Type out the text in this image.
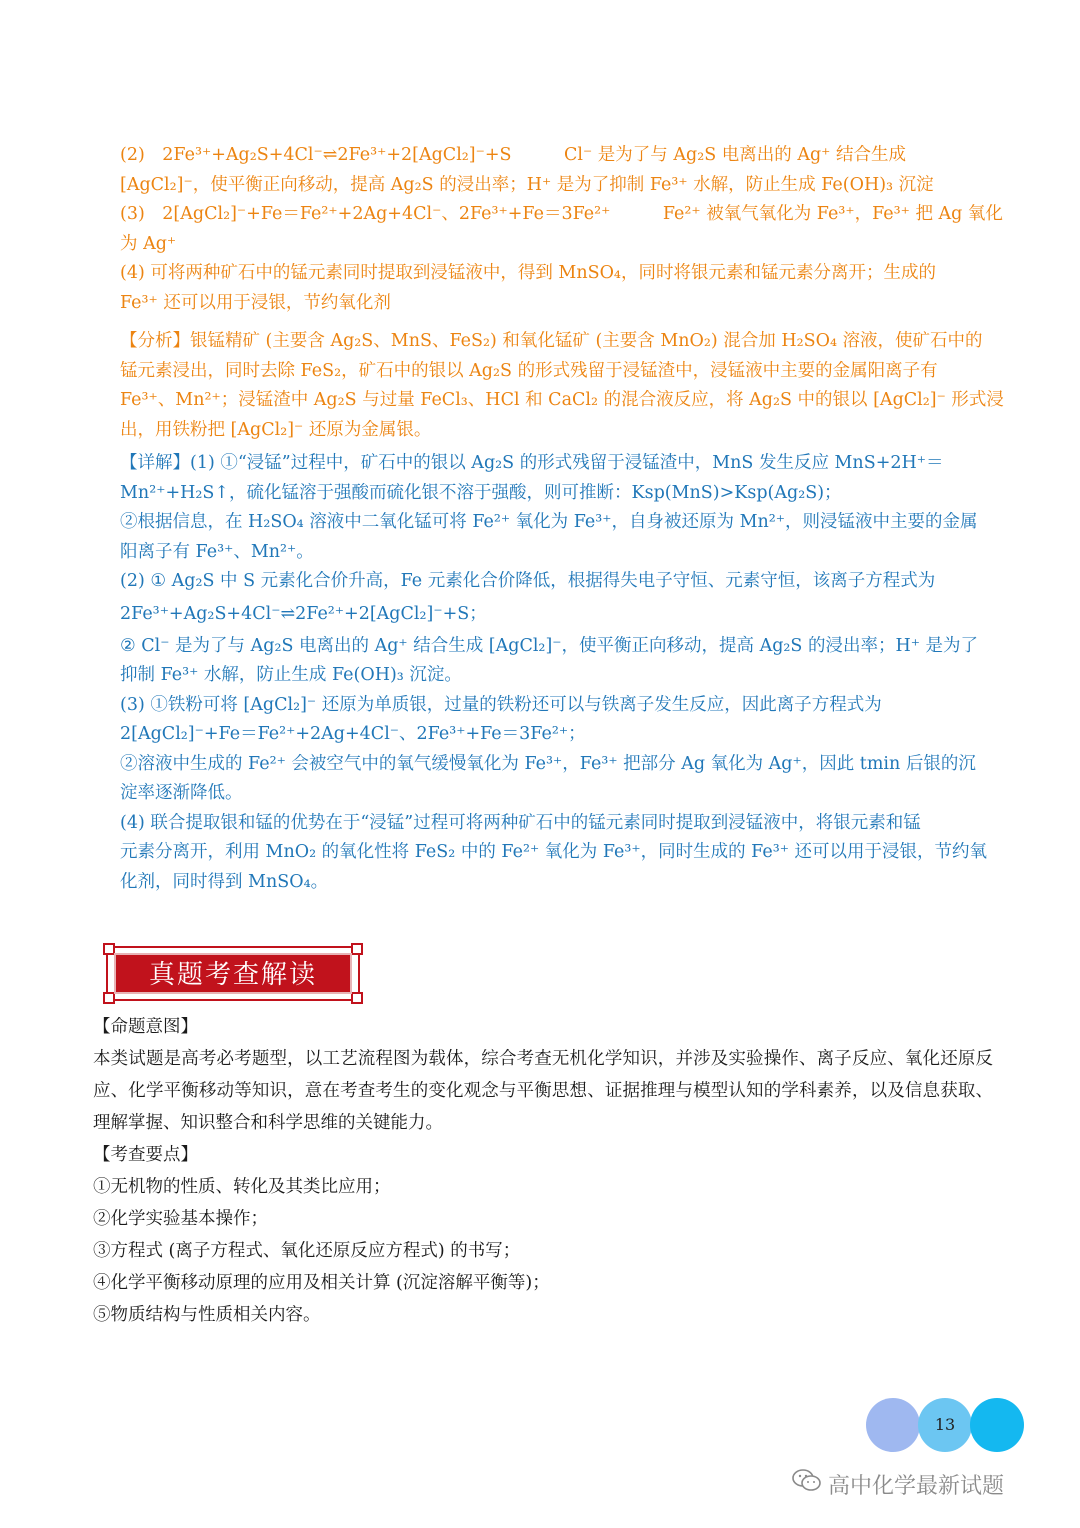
(2)　2Fe³⁺+Ag₂S+4Cl⁻⇌2Fe³⁺+2[AgCl₂]⁻+S　　　Cl⁻ 是为了与 Ag₂S 电离出的 Ag⁺ 结合生成
[AgCl₂]⁻，使平衡正向移动，提高 Ag₂S 的浸出率；H⁺ 是为了抑制 Fe³⁺ 水解，防止生成 Fe(OH)₃ 沉淀
(3)　2[AgCl₂]⁻+Fe＝Fe²⁺+2Ag+4Cl⁻、2Fe³⁺+Fe＝3Fe²⁺　　　Fe²⁺ 被氧气氧化为 Fe³⁺，Fe³⁺ 把 Ag 氧化
为 Ag⁺
(4) 可将两种矿石中的锰元素同时提取到浸锰液中，得到 MnSO₄，同时将银元素和锰元素分离开；生成的
Fe³⁺ 还可以用于浸银，节约氧化剂
【分析】银锰精矿 (主要含 Ag₂S、MnS、FeS₂) 和氧化锰矿 (主要含 MnO₂) 混合加 H₂SO₄ 溶液，使矿石中的
锰元素浸出，同时去除 FeS₂，矿石中的银以 Ag₂S 的形式残留于浸锰渣中，浸锰液中主要的金属阳离子有
Fe³⁺、Mn²⁺；浸锰渣中 Ag₂S 与过量 FeCl₃、HCl 和 CaCl₂ 的混合液反应，将 Ag₂S 中的银以 [AgCl₂]⁻ 形式浸
出，用铁粉把 [AgCl₂]⁻ 还原为金属银。
【详解】(1) ①“浸锰”过程中，矿石中的银以 Ag₂S 的形式残留于浸锰渣中，MnS 发生反应 MnS+2H⁺＝
Mn²⁺+H₂S↑，硫化锰溶于强酸而硫化银不溶于强酸，则可推断：Ksp(MnS)>Ksp(Ag₂S)；
②根据信息，在 H₂SO₄ 溶液中二氧化锰可将 Fe²⁺ 氧化为 Fe³⁺，自身被还原为 Mn²⁺，则浸锰液中主要的金属
阳离子有 Fe³⁺、Mn²⁺。
(2) ① Ag₂S 中 S 元素化合价升高，Fe 元素化合价降低，根据得失电子守恒、元素守恒，该离子方程式为
2Fe³⁺+Ag₂S+4Cl⁻⇌2Fe²⁺+2[AgCl₂]⁻+S；
② Cl⁻ 是为了与 Ag₂S 电离出的 Ag⁺ 结合生成 [AgCl₂]⁻，使平衡正向移动，提高 Ag₂S 的浸出率；H⁺ 是为了
抑制 Fe³⁺ 水解，防止生成 Fe(OH)₃ 沉淀。
(3) ①铁粉可将 [AgCl₂]⁻ 还原为单质银，过量的铁粉还可以与铁离子发生反应，因此离子方程式为
2[AgCl₂]⁻+Fe＝Fe²⁺+2Ag+4Cl⁻、2Fe³⁺+Fe＝3Fe²⁺；
②溶液中生成的 Fe²⁺ 会被空气中的氧气缓慢氧化为 Fe³⁺，Fe³⁺ 把部分 Ag 氧化为 Ag⁺，因此 tmin 后银的沉
淀率逐渐降低。
(4) 联合提取银和锰的优势在于“浸锰”过程可将两种矿石中的锰元素同时提取到浸锰液中，将银元素和锰
元素分离开，利用 MnO₂ 的氧化性将 FeS₂ 中的 Fe²⁺ 氧化为 Fe³⁺，同时生成的 Fe³⁺ 还可以用于浸银，节约氧
化剂，同时得到 MnSO₄。
真题考查解读
【命题意图】
本类试题是高考必考题型，以工艺流程图为载体，综合考查无机化学知识，并涉及实验操作、离子反应、氧化还原反应、化学平衡移动等知识，意在考查考生的变化观念与平衡思想、证据推理与模型认知的学科素养，以及信息获取、理解掌握、知识整合和科学思维的关键能力。
【考查要点】
①无机物的性质、转化及其类比应用；
②化学实验基本操作；
③方程式 (离子方程式、氧化还原反应方程式) 的书写；
④化学平衡移动原理的应用及相关计算 (沉淀溶解平衡等)；
⑤物质结构与性质相关内容。
13
高中化学最新试题
